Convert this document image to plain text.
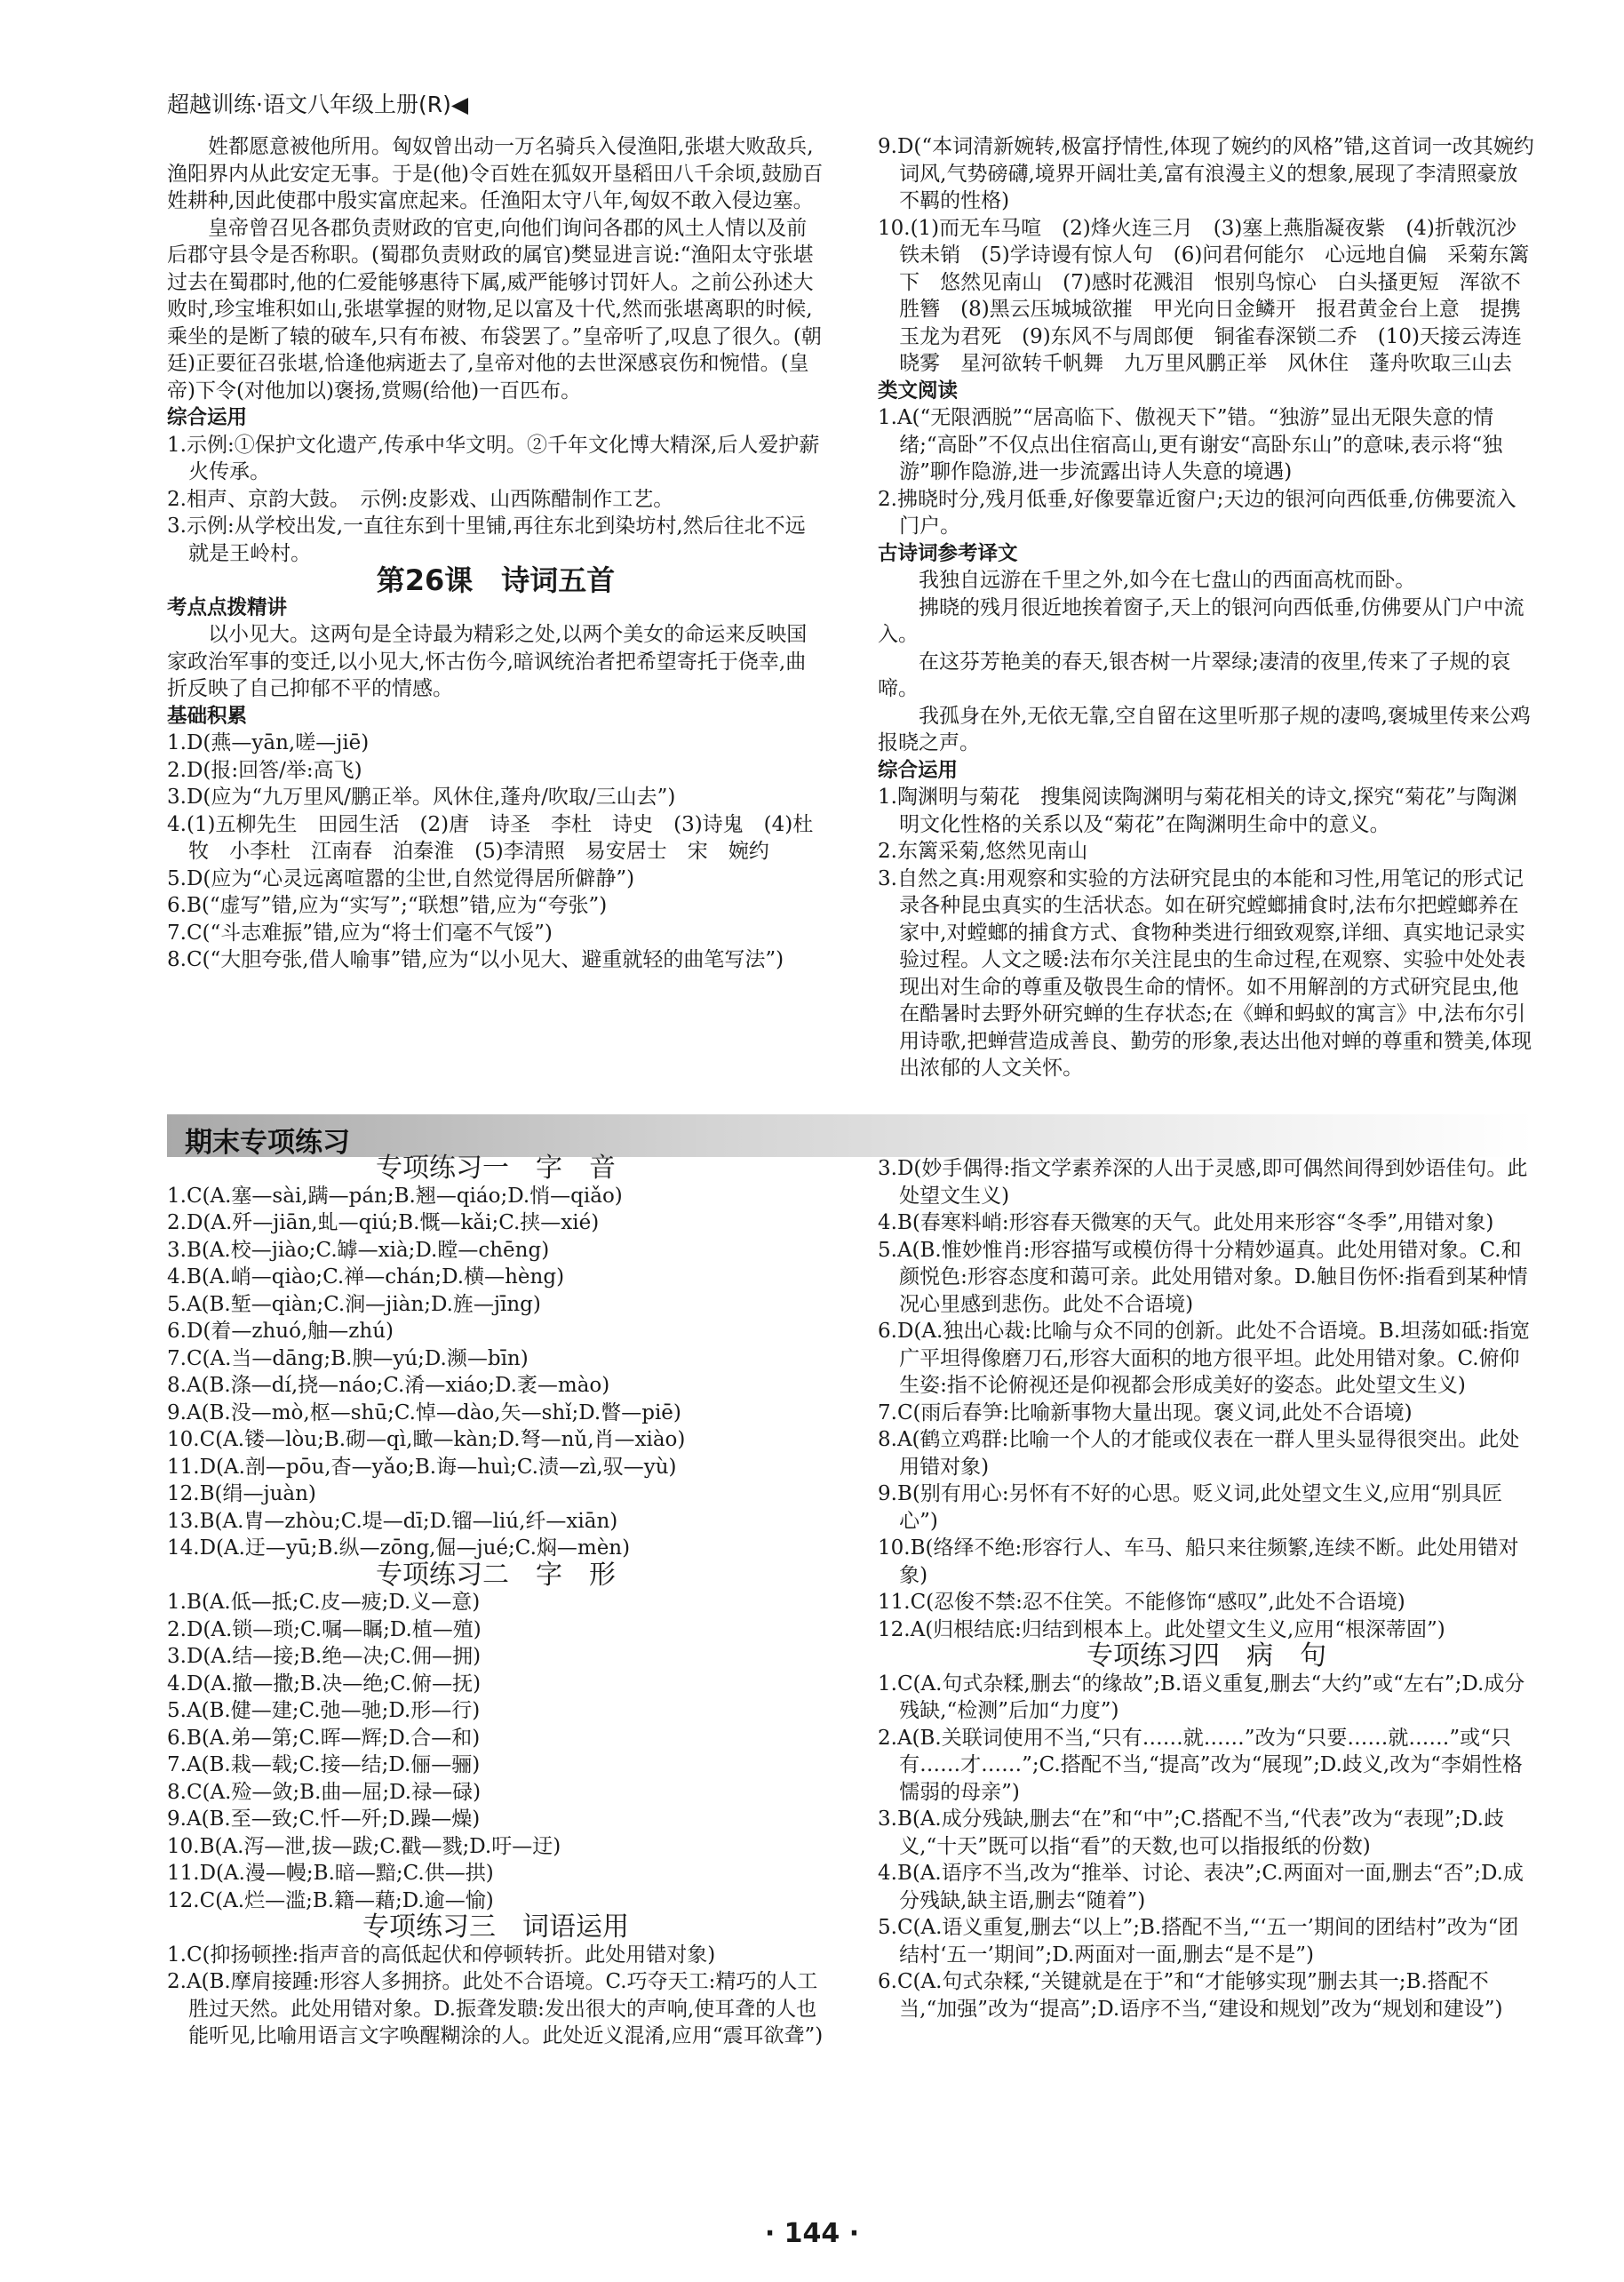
超越训练·语文八年级上册(R)◀

姓都愿意被他所用。匈奴曾出动一万名骑兵入侵渔阳,张堪大败敌兵,渔阳界内从此安定无事。于是(他)令百姓在狐奴开垦稻田八千余顷,鼓励百姓耕种,因此使郡中殷实富庶起来。任渔阳太守八年,匈奴不敢入侵边塞。

皇帝曾召见各郡负责财政的官吏,向他们询问各郡的风土人情以及前后郡守县令是否称职。(蜀郡负责财政的属官)樊显进言说:“渔阳太守张堪过去在蜀郡时,他的仁爱能够惠待下属,威严能够讨罚奸人。之前公孙述大败时,珍宝堆积如山,张堪掌握的财物,足以富及十代,然而张堪离职的时候,乘坐的是断了辕的破车,只有布被、布袋罢了。”皇帝听了,叹息了很久。(朝廷)正要征召张堪,恰逢他病逝去了,皇帝对他的去世深感哀伤和惋惜。(皇帝)下令(对他加以)褒扬,赏赐(给他)一百匹布。

综合运用

1.示例:①保护文化遗产,传承中华文明。②千年文化博大精深,后人爱护薪火传承。

2.相声、京韵大鼓。　示例:皮影戏、山西陈醋制作工艺。

3.示例:从学校出发,一直往东到十里铺,再往东北到染坊村,然后往北不远就是王岭村。

第26课　诗词五首

考点点拨精讲

以小见大。这两句是全诗最为精彩之处,以两个美女的命运来反映国家政治军事的变迁,以小见大,怀古伤今,暗讽统治者把希望寄托于侥幸,曲折反映了自己抑郁不平的情感。

基础积累

1.D(燕—yān,嗟—jiē)

2.D(报:回答/举:高飞)

3.D(应为“九万里风/鹏正举。风休住,蓬舟/吹取/三山去”)

4.(1)五柳先生　田园生活　(2)唐　诗圣　李杜　诗史　(3)诗鬼　(4)杜牧　小李杜　江南春　泊秦淮　(5)李清照　易安居士　宋　婉约

5.D(应为“心灵远离喧嚣的尘世,自然觉得居所僻静”)

6.B(“虚写”错,应为“实写”;“联想”错,应为“夸张”)

7.C(“斗志难振”错,应为“将士们毫不气馁”)

8.C(“大胆夸张,借人喻事”错,应为“以小见大、避重就轻的曲笔写法”)

9.D(“本词清新婉转,极富抒情性,体现了婉约的风格”错,这首词一改其婉约词风,气势磅礴,境界开阔壮美,富有浪漫主义的想象,展现了李清照豪放不羁的性格)

10.(1)而无车马喧　(2)烽火连三月　(3)塞上燕脂凝夜紫　(4)折戟沉沙铁未销　(5)学诗谩有惊人句　(6)问君何能尔　心远地自偏　采菊东篱下　悠然见南山　(7)感时花溅泪　恨别鸟惊心　白头搔更短　浑欲不胜簪　(8)黑云压城城欲摧　甲光向日金鳞开　报君黄金台上意　提携玉龙为君死　(9)东风不与周郎便　铜雀春深锁二乔　(10)天接云涛连晓雾　星河欲转千帆舞　九万里风鹏正举　风休住　蓬舟吹取三山去

类文阅读

1.A(“无限洒脱”“居高临下、傲视天下”错。“独游”显出无限失意的情绪;“高卧”不仅点出住宿高山,更有谢安“高卧东山”的意味,表示将“独游”聊作隐游,进一步流露出诗人失意的境遇)

2.拂晓时分,残月低垂,好像要靠近窗户;天边的银河向西低垂,仿佛要流入门户。

古诗词参考译文

我独自远游在千里之外,如今在七盘山的西面高枕而卧。

拂晓的残月很近地挨着窗子,天上的银河向西低垂,仿佛要从门户中流入。

在这芬芳艳美的春天,银杏树一片翠绿;凄清的夜里,传来了子规的哀啼。

我孤身在外,无依无靠,空自留在这里听那子规的凄鸣,褒城里传来公鸡报晓之声。

综合运用

1.陶渊明与菊花　搜集阅读陶渊明与菊花相关的诗文,探究“菊花”与陶渊明文化性格的关系以及“菊花”在陶渊明生命中的意义。

2.东篱采菊,悠然见南山

3.自然之真:用观察和实验的方法研究昆虫的本能和习性,用笔记的形式记录各种昆虫真实的生活状态。如在研究螳螂捕食时,法布尔把螳螂养在家中,对螳螂的捕食方式、食物种类进行细致观察,详细、真实地记录实验过程。人文之暖:法布尔关注昆虫的生命过程,在观察、实验中处处表现出对生命的尊重及敬畏生命的情怀。如不用解剖的方式研究昆虫,他在酷暑时去野外研究蝉的生存状态;在《蝉和蚂蚁的寓言》中,法布尔引用诗歌,把蝉营造成善良、勤劳的形象,表达出他对蝉的尊重和赞美,体现出浓郁的人文关怀。

期末专项练习

专项练习一　字　音

1.C(A.塞—sài,蹒—pán;B.翘—qiáo;D.悄—qiǎo)

2.D(A.歼—jiān,虬—qiú;B.慨—kǎi;C.挟—xié)

3.B(A.校—jiào;C.罅—xià;D.瞠—chēng)

4.B(A.峭—qiào;C.禅—chán;D.横—hèng)

5.A(B.堑—qiàn;C.涧—jiàn;D.旌—jīng)

6.D(着—zhuó,舳—zhú)

7.C(A.当—dāng;B.腴—yú;D.濒—bīn)

8.A(B.涤—dí,挠—náo;C.淆—xiáo;D.袤—mào)

9.A(B.没—mò,枢—shū;C.悼—dào,矢—shǐ;D.瞥—piē)

10.C(A.镂—lòu;B.砌—qì,瞰—kàn;D.弩—nǔ,肖—xiào)

11.D(A.剖—pōu,杳—yǎo;B.诲—huì;C.渍—zì,驭—yù)

12.B(绢—juàn)

13.B(A.胄—zhòu;C.堤—dī;D.镏—liú,纤—xiān)

14.D(A.迂—yū;B.纵—zōng,倔—jué;C.焖—mèn)

专项练习二　字　形

1.B(A.低—抵;C.皮—疲;D.义—意)

2.D(A.锁—琐;C.嘱—瞩;D.植—殖)

3.D(A.结—接;B.绝—决;C.佣—拥)

4.D(A.撤—撒;B.决—绝;C.俯—抚)

5.A(B.健—建;C.弛—驰;D.形—行)

6.B(A.弟—第;C.晖—辉;D.合—和)

7.A(B.栽—载;C.接—结;D.俪—骊)

8.C(A.殓—敛;B.曲—屈;D.禄—碌)

9.A(B.至—致;C.忏—歼;D.躁—燥)

10.B(A.泻—泄,拔—跋;C.戳—戮;D.吁—迂)

11.D(A.漫—幔;B.暗—黯;C.供—拱)

12.C(A.烂—滥;B.籍—藉;D.逾—愉)

专项练习三　词语运用

1.C(抑扬顿挫:指声音的高低起伏和停顿转折。此处用错对象)

2.A(B.摩肩接踵:形容人多拥挤。此处不合语境。C.巧夺天工:精巧的人工胜过天然。此处用错对象。D.振聋发聩:发出很大的声响,使耳聋的人也能听见,比喻用语言文字唤醒糊涂的人。此处近义混淆,应用“震耳欲聋”)

3.D(妙手偶得:指文学素养深的人出于灵感,即可偶然间得到妙语佳句。此处望文生义)

4.B(春寒料峭:形容春天微寒的天气。此处用来形容“冬季”,用错对象)

5.A(B.惟妙惟肖:形容描写或模仿得十分精妙逼真。此处用错对象。C.和颜悦色:形容态度和蔼可亲。此处用错对象。D.触目伤怀:指看到某种情况心里感到悲伤。此处不合语境)

6.D(A.独出心裁:比喻与众不同的创新。此处不合语境。B.坦荡如砥:指宽广平坦得像磨刀石,形容大面积的地方很平坦。此处用错对象。C.俯仰生姿:指不论俯视还是仰视都会形成美好的姿态。此处望文生义)

7.C(雨后春笋:比喻新事物大量出现。褒义词,此处不合语境)

8.A(鹤立鸡群:比喻一个人的才能或仪表在一群人里头显得很突出。此处用错对象)

9.B(别有用心:另怀有不好的心思。贬义词,此处望文生义,应用“别具匠心”)

10.B(络绎不绝:形容行人、车马、船只来往频繁,连续不断。此处用错对象)

11.C(忍俊不禁:忍不住笑。不能修饰“感叹”,此处不合语境)

12.A(归根结底:归结到根本上。此处望文生义,应用“根深蒂固”)

专项练习四　病　句

1.C(A.句式杂糅,删去“的缘故”;B.语义重复,删去“大约”或“左右”;D.成分残缺,“检测”后加“力度”)

2.A(B.关联词使用不当,“只有……就……”改为“只要……就……”或“只有……才……”;C.搭配不当,“提高”改为“展现”;D.歧义,改为“李娟性格懦弱的母亲”)

3.B(A.成分残缺,删去“在”和“中”;C.搭配不当,“代表”改为“表现”;D.歧义,“十天”既可以指“看”的天数,也可以指报纸的份数)

4.B(A.语序不当,改为“推举、讨论、表决”;C.两面对一面,删去“否”;D.成分残缺,缺主语,删去“随着”)

5.C(A.语义重复,删去“以上”;B.搭配不当,“‘五一’期间的团结村”改为“团结村‘五一’期间”;D.两面对一面,删去“是不是”)

6.C(A.句式杂糅,“关键就是在于”和“才能够实现”删去其一;B.搭配不当,“加强”改为“提高”;D.语序不当,“建设和规划”改为“规划和建设”)

· 144 ·
